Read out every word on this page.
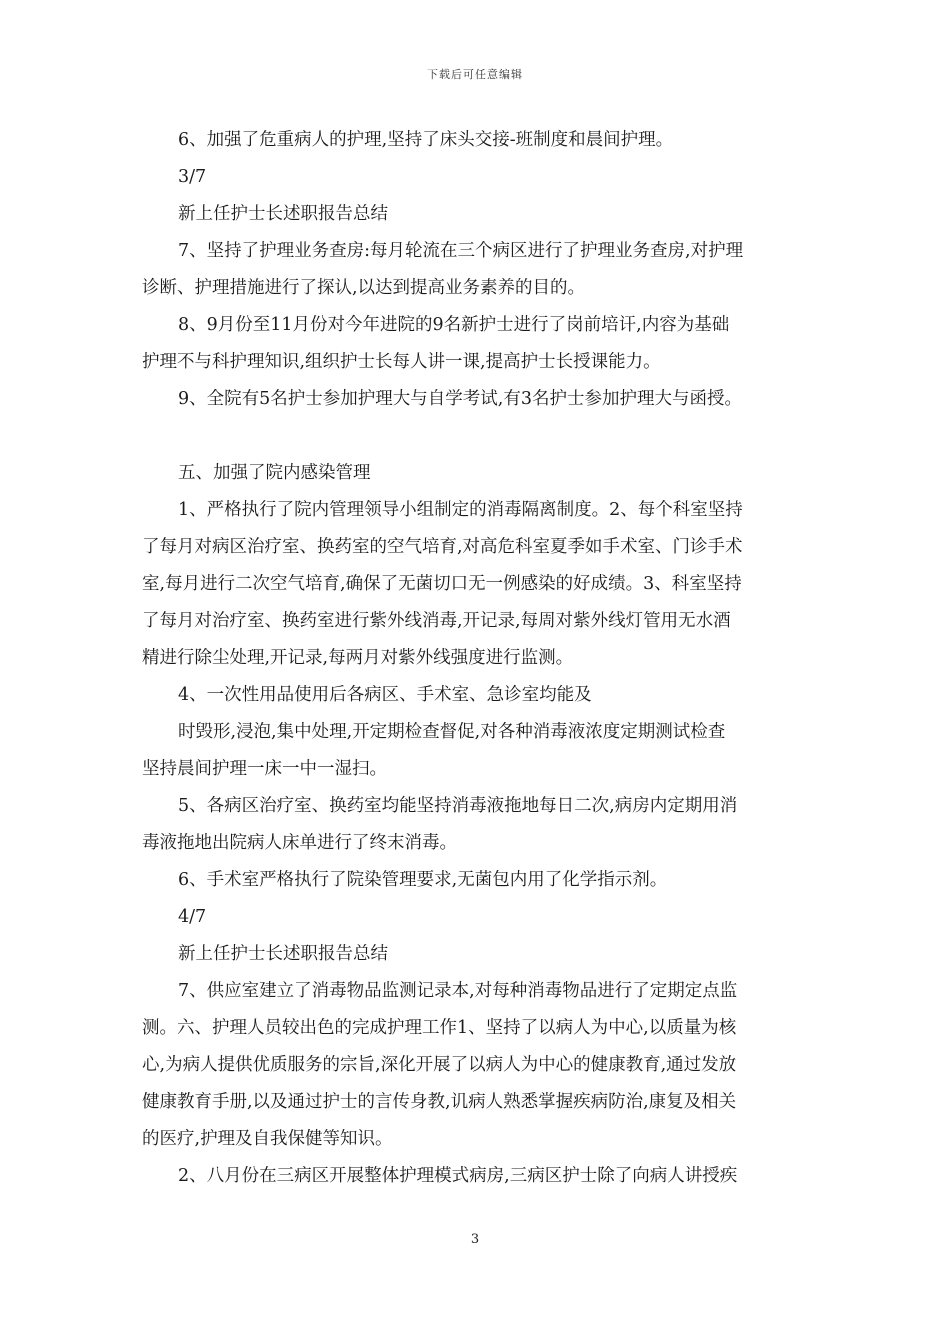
下载后可任意编辑
6、加强了危重病人的护理,坚持了床头交接-班制度和晨间护理。
3/7
新上任护士长述职报告总结
7、坚持了护理业务查房:每月轮流在三个病区进行了护理业务查房,对护理
诊断、护理措施进行了探认,以达到提高业务素养的目的。
8、9月份至11月份对今年进院的9名新护士进行了岗前培讦,内容为基础
护理不与科护理知识,组织护士长每人讲一课,提高护士长授课能力。
9、全院有5名护士参加护理大与自学考试,有3名护士参加护理大与函授。
五、加强了院内感染管理
1、严格执行了院内管理领导小组制定的消毒隔离制度。2、每个科室坚持
了每月对病区治疗室、换药室的空气培育,对高危科室夏季如手术室、门诊手术
室,每月进行二次空气培育,确保了无菌切口无一例感染的好成绩。3、科室坚持
了每月对治疗室、换药室进行紫外线消毒,开记录,每周对紫外线灯管用无水酒
精进行除尘处理,开记录,每两月对紫外线强度进行监测。
4、一次性用品使用后各病区、手术室、急诊室均能及
时毁形,浸泡,集中处理,开定期检查督促,对各种消毒液浓度定期测试检查
坚持晨间护理一床一中一湿扫。
5、各病区治疗室、换药室均能坚持消毒液拖地每日二次,病房内定期用消
毒液拖地出院病人床单进行了终末消毒。
6、手术室严格执行了院染管理要求,无菌包内用了化学指示剂。
4/7
新上任护士长述职报告总结
7、供应室建立了消毒物品监测记录本,对每种消毒物品进行了定期定点监
测。六、护理人员较出色的完成护理工作1、坚持了以病人为中心,以质量为核
心,为病人提供优质服务的宗旨,深化开展了以病人为中心的健康教育,通过发放
健康教育手册,以及通过护士的言传身教,讥病人熟悉掌握疾病防治,康复及相关
的医疗,护理及自我保健等知识。
2、八月份在三病区开展整体护理模式病房,三病区护士除了向病人讲授疾
3
